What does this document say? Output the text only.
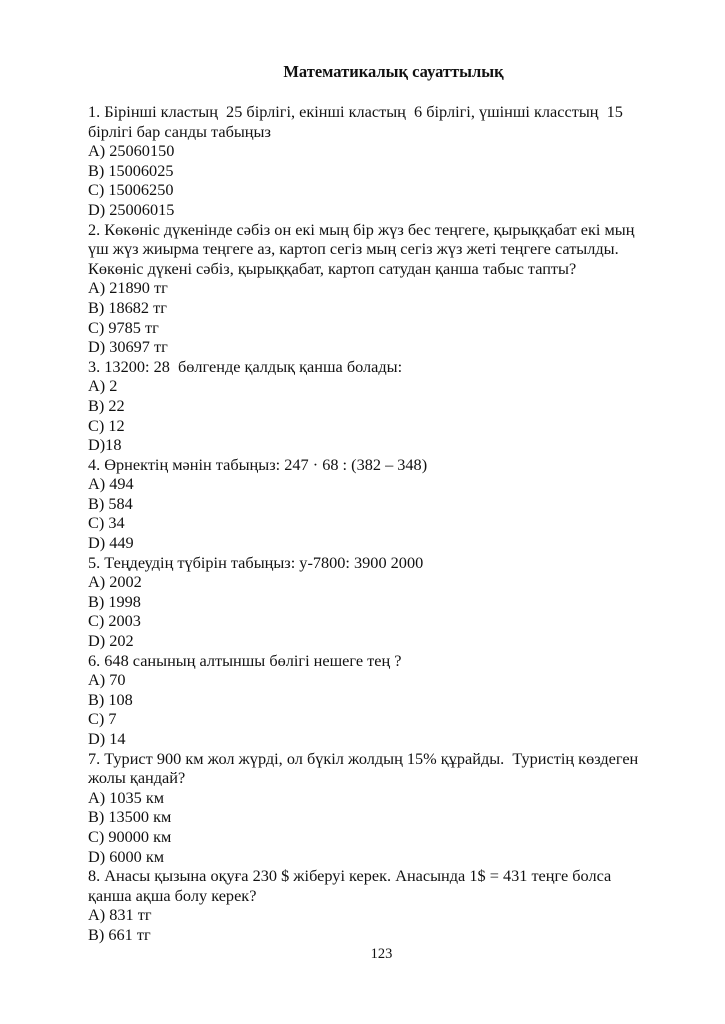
Математикалық сауаттылық
1. Бірінші кластың  25 бірлігі, екінші кластың  6 бірлігі, үшінші класстың  15
бірлігі бар санды табыңыз
A) 25060150
B) 15006025
C) 15006250
D) 25006015
2. Көкөніс дүкенінде сәбіз он екі мың бір жүз бес теңгеге, қырыққабат екі мың
үш жүз жиырма теңгеге аз, картоп сегіз мың сегіз жүз жеті теңгеге сатылды.
Көкөніс дүкені сәбіз, қырыққабат, картоп сатудан қанша табыс тапты?
A) 21890 тг
B) 18682 тг
C) 9785 тг
D) 30697 тг
3. 13200: 28  бөлгенде қалдық қанша болады:
A) 2
B) 22
C) 12
D)18
4. Өрнектің мәнін табыңыз: 247 · 68 : (382 – 348)
A) 494
B) 584
C) 34
D) 449
5. Теңдеудің түбірін табыңыз: y-7800: 3900 2000
A) 2002
B) 1998
C) 2003
D) 202
6. 648 санының алтыншы бөлігі нешеге тең ?
A) 70
B) 108
C) 7
D) 14
7. Турист 900 км жол жүрді, ол бүкіл жолдың 15% құрайды.  Туристің көздеген
жолы қандай?
A) 1035 км
B) 13500 км
C) 90000 км
D) 6000 км
8. Анасы қызына оқуға 230 $ жіберуі керек. Анасында 1$ = 431 теңге болса
қанша ақша болу керек?
A) 831 тг
B) 661 тг
123
